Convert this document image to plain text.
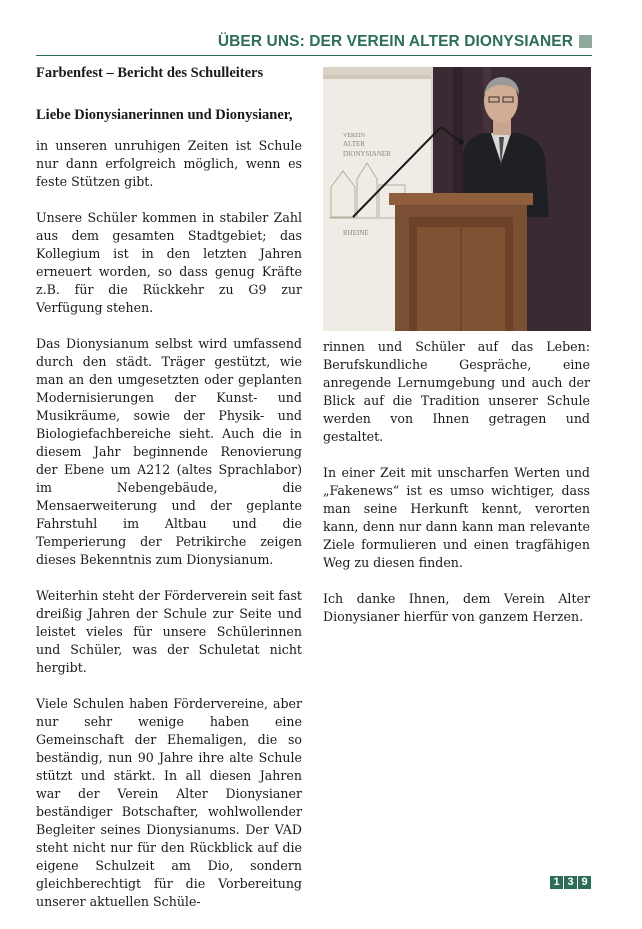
ÜBER UNS: DER VEREIN ALTER DIONYSIANER

Farbenfest – Bericht des Schulleiters

Liebe Dionysianerinnen und Dionysianer,

in unseren unruhigen Zeiten ist Schule nur dann erfolgreich möglich, wenn es feste Stützen gibt.

Unsere Schüler kommen in stabiler Zahl aus dem gesamten Stadtgebiet; das Kollegium ist in den letzten Jahren erneuert worden, so dass genug Kräfte z.B. für die Rückkehr zu G9 zur Verfügung stehen.

Das Dionysianum selbst wird umfassend durch den städt. Träger gestützt, wie man an den umgesetzten oder geplanten Modernisierungen der Kunst- und Musikräume, sowie der Physik- und Biologiefachbereiche sieht. Auch die in diesem Jahr beginnende Renovierung der Ebene um A212 (altes Sprachlabor) im Nebengebäude, die Mensaerweiterung und der geplante Fahrstuhl im Altbau und die Temperierung der Petrikirche zeigen dieses Bekenntnis zum Dionysianum.

Weiterhin steht der Förderverein seit fast dreißig Jahren der Schule zur Seite und leistet vieles für unsere Schülerinnen und Schüler, was der Schuletat nicht hergibt.

Viele Schulen haben Fördervereine, aber nur sehr wenige haben eine Gemeinschaft der Ehemaligen, die so beständig, nun 90 Jahre ihre alte Schule stützt und stärkt. In all diesen Jahren war der Verein Alter Dionysianer beständiger Botschafter, wohlwollender Begleiter seines Dionysianums. Der VAD steht nicht nur für den Rückblick auf die eigene Schulzeit am Dio, sondern gleichberechtigt für die Vorbereitung unserer aktuellen Schüle-

VEREIN
ALTER
DIONYSIANER
RHEINE

rinnen und Schüler auf das Leben: Berufskundliche Gespräche, eine anregende Lernumgebung und auch der Blick auf die Tradition unserer Schule werden von Ihnen getragen und gestaltet.

In einer Zeit mit unscharfen Werten und „Fakenews“ ist es umso wichtiger, dass man seine Herkunft kennt, verorten kann, denn nur dann kann man relevante Ziele formulieren und einen tragfähigen Weg zu diesen finden.

Ich danke Ihnen, dem Verein Alter Dionysianer hierfür von ganzem Herzen.

1 3 9
